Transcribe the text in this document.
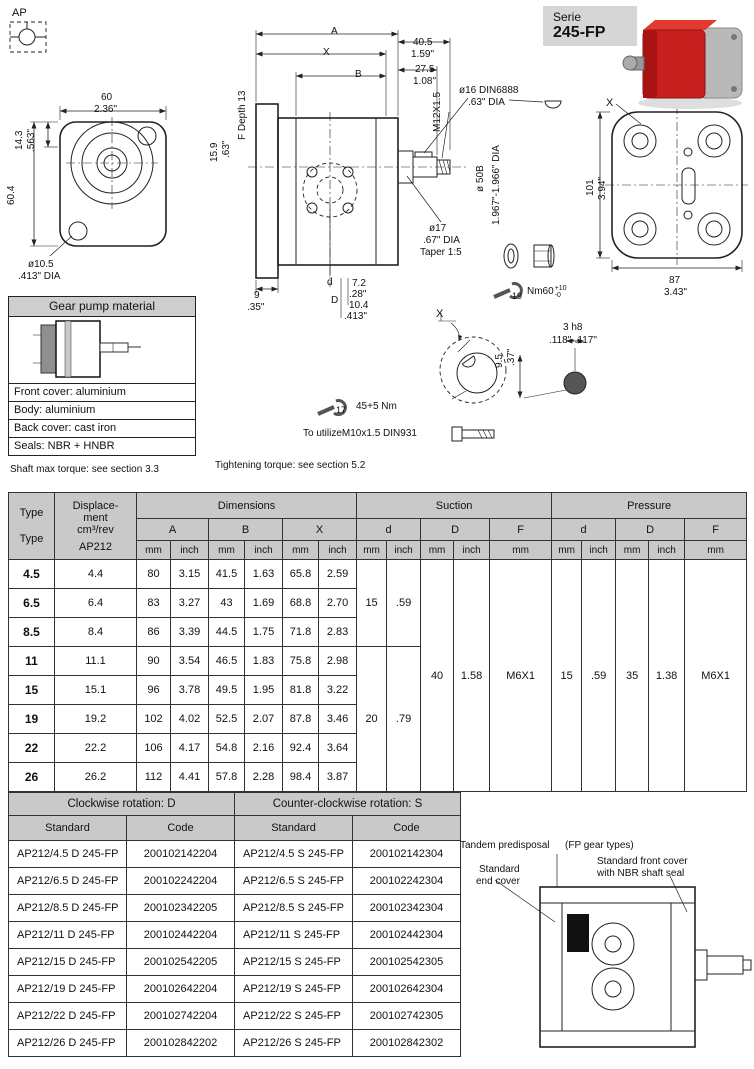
Serie
245-FP
AP
A
X
B
40.5
1.59"
27.5
1.08"
ø16 DIN6888
.63" DIA
ø17
.67" DIA
Taper 1:5
7.2
.28"
10.4
.413"
d
D
9
.35"
60
2.36"
ø10.5
.413" DIA
X
87
3.43"
19 Nm60 +10
-0
X
3 h8
.118"-.117"
17 45+5 Nm
To utilizeM10x1.5 DIN931
Tightening torque: see section 5.2
Shaft max torque: see section 3.3
14.3 .563"
60.4
F Depth 13
15.9 .63"
M12X1.5
ø 50B 1.967"-1.966" DIA	101 3.94"
9.5 .37"
Gear pump material
Front cover: aluminium
Body: aluminium
Back cover: cast iron
Seals: NBR + HNBR
Type
Type

Displace-
ment
cm³/rev
AP212
	Dimensions	Suction	Pressure
		A		B		X		d		D		F	d		D		F
		mm	inch	mm	inch	mm	inch	mm	inch	mm	inch	mm	mm	inch	mm	inch	mm
4.5	4.4	80	3.15	41.5	1.63	65.8	2.59	15	.59	40	1.58	M6X1	15	.59	35	1.38	M6X1
6.5	6.4	83	3.27	43	1.69	68.8	2.70										
8.5	8.4	86	3.39	44.5	1.75	71.8	2.83										
11	11.1	90	3.54	46.5	1.83	75.8	2.98	20	.79								
15	15.1	96	3.78	49.5	1.95	81.8	3.22										
19	19.2	102	4.02	52.5	2.07	87.8	3.46										
22	22.2	106	4.17	54.8	2.16	92.4	3.64										
26	26.2	112	4.41	57.8	2.28	98.4	3.87										
Clockwise rotation: D		Counter-clockwise rotation: S	
Standard	Code	Standard	Code
AP212/4.5 D 245-FP	200102142204	AP212/4.5 S 245-FP	200102142304
AP212/6.5 D 245-FP	200102242204	AP212/6.5 S 245-FP	200102242304
AP212/8.5 D 245-FP	200102342205	AP212/8.5 S 245-FP	200102342304
AP212/11 D 245-FP	200102442204	AP212/11 S 245-FP	200102442304
AP212/15 D 245-FP	200102542205	AP212/15 S 245-FP	200102542305
AP212/19 D 245-FP	200102642204	AP212/19 S 245-FP	200102642304
AP212/22 D 245-FP	200102742204	AP212/22 S 245-FP	200102742305
AP212/26 D 245-FP	200102842202	AP212/26 S 245-FP	200102842302
Tandem predisposal (FP gear types)
Standard
end cover
Standard front cover
with NBR shaft seal
